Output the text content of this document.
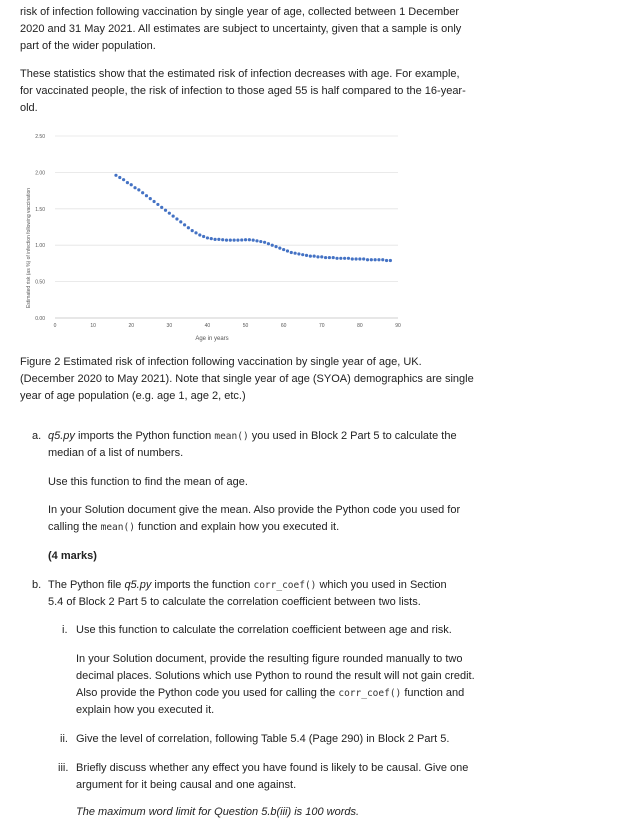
risk of infection following vaccination by single year of age, collected between 1 December
2020 and 31 May 2021. All estimates are subject to uncertainty, given that a sample is only
part of the wider population.
These statistics show that the estimated risk of infection decreases with age. For example,
for vaccinated people, the risk of infection to those aged 55 is half compared to the 16-year-
old.
0.00
0.50
1.00
1.50
2.00
2.50
0	10	20	30	40	50	60	70	80	90
Age in years
Estimated risk (as %) of infection following vaccination
Figure 2 Estimated risk of infection following vaccination by single year of age, UK.
(December 2020 to May 2021). Note that single year of age (SYOA) demographics are single
year of age population (e.g. age 1, age 2, etc.)
a. q5.py imports the Python function mean() you used in Block 2 Part 5 to calculate the
median of a list of numbers.
Use this function to find the mean of age.
In your Solution document give the mean. Also provide the Python code you used for
calling the mean() function and explain how you executed it.
(4 marks)
b. The Python file q5.py imports the function corr_coef() which you used in Section
5.4 of Block 2 Part 5 to calculate the correlation coefficient between two lists.
i. Use this function to calculate the correlation coefficient between age and risk.
In your Solution document, provide the resulting figure rounded manually to two
decimal places. Solutions which use Python to round the result will not gain credit.
Also provide the Python code you used for calling the corr_coef() function and
explain how you executed it.
ii. Give the level of correlation, following Table 5.4 (Page 290) in Block 2 Part 5.
iii. Briefly discuss whether any effect you have found is likely to be causal. Give one
argument for it being causal and one against.
The maximum word limit for Question 5.b(iii) is 100 words.
